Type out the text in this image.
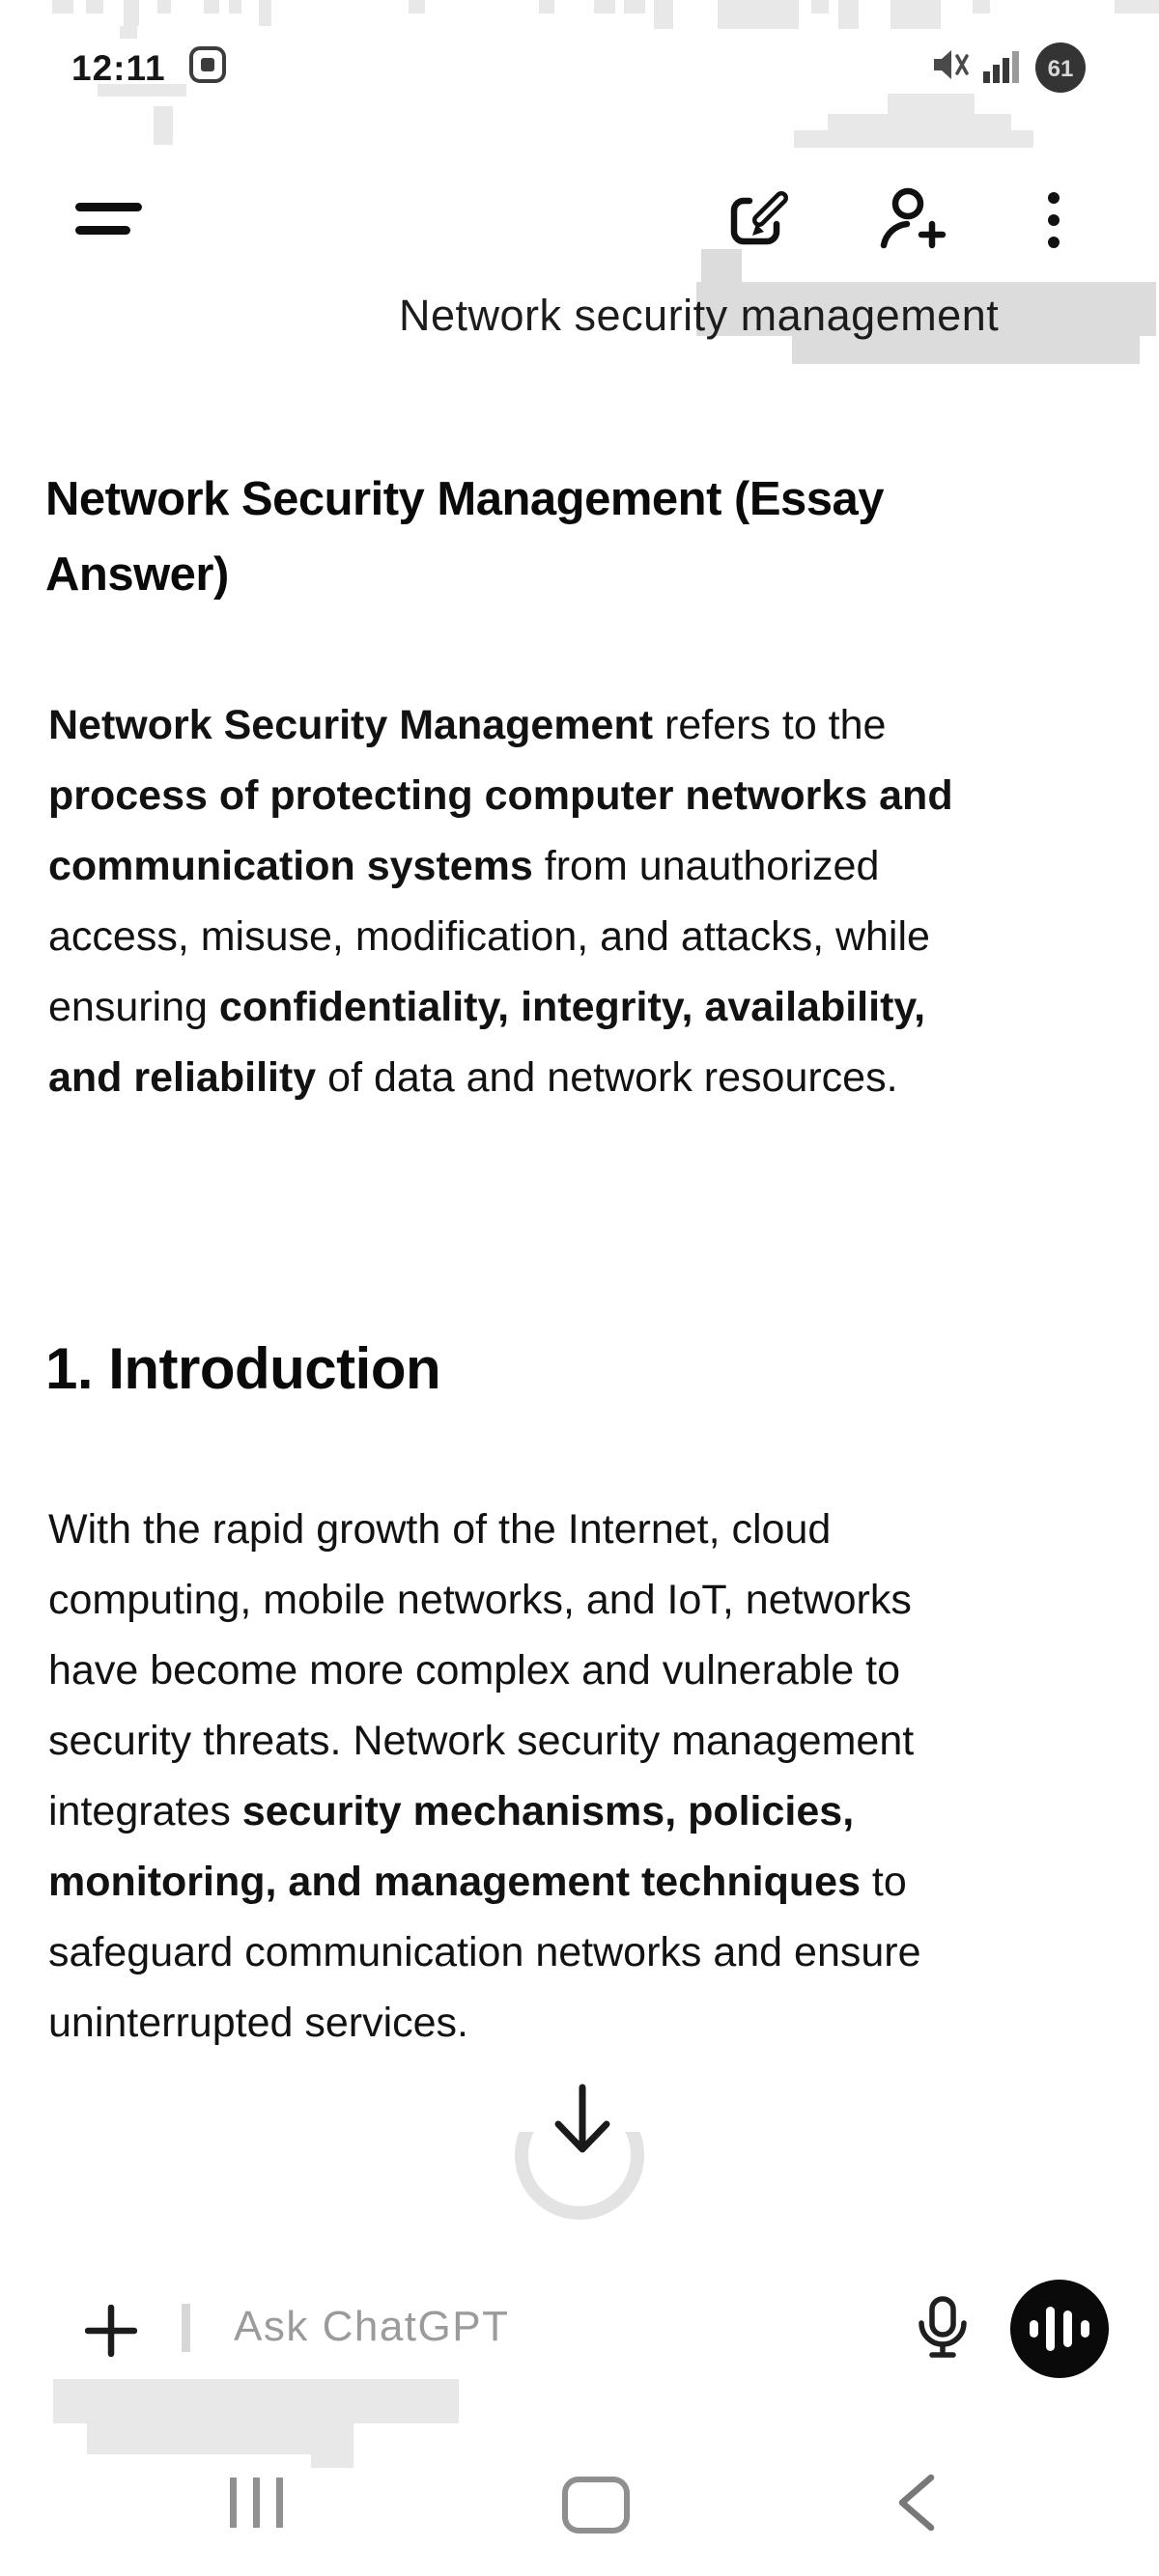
12:11	61
Network security management
Network Security Management (Essay
Answer)
Network Security Management refers to the
process of protecting computer networks and
communication systems from unauthorized
access, misuse, modification, and attacks, while
ensuring confidentiality, integrity, availability,
and reliability of data and network resources.
1. Introduction
With the rapid growth of the Internet, cloud
computing, mobile networks, and IoT, networks
have become more complex and vulnerable to
security threats. Network security management
integrates security mechanisms, policies,
monitoring, and management techniques to
safeguard communication networks and ensure
uninterrupted services.
Ask ChatGPT
